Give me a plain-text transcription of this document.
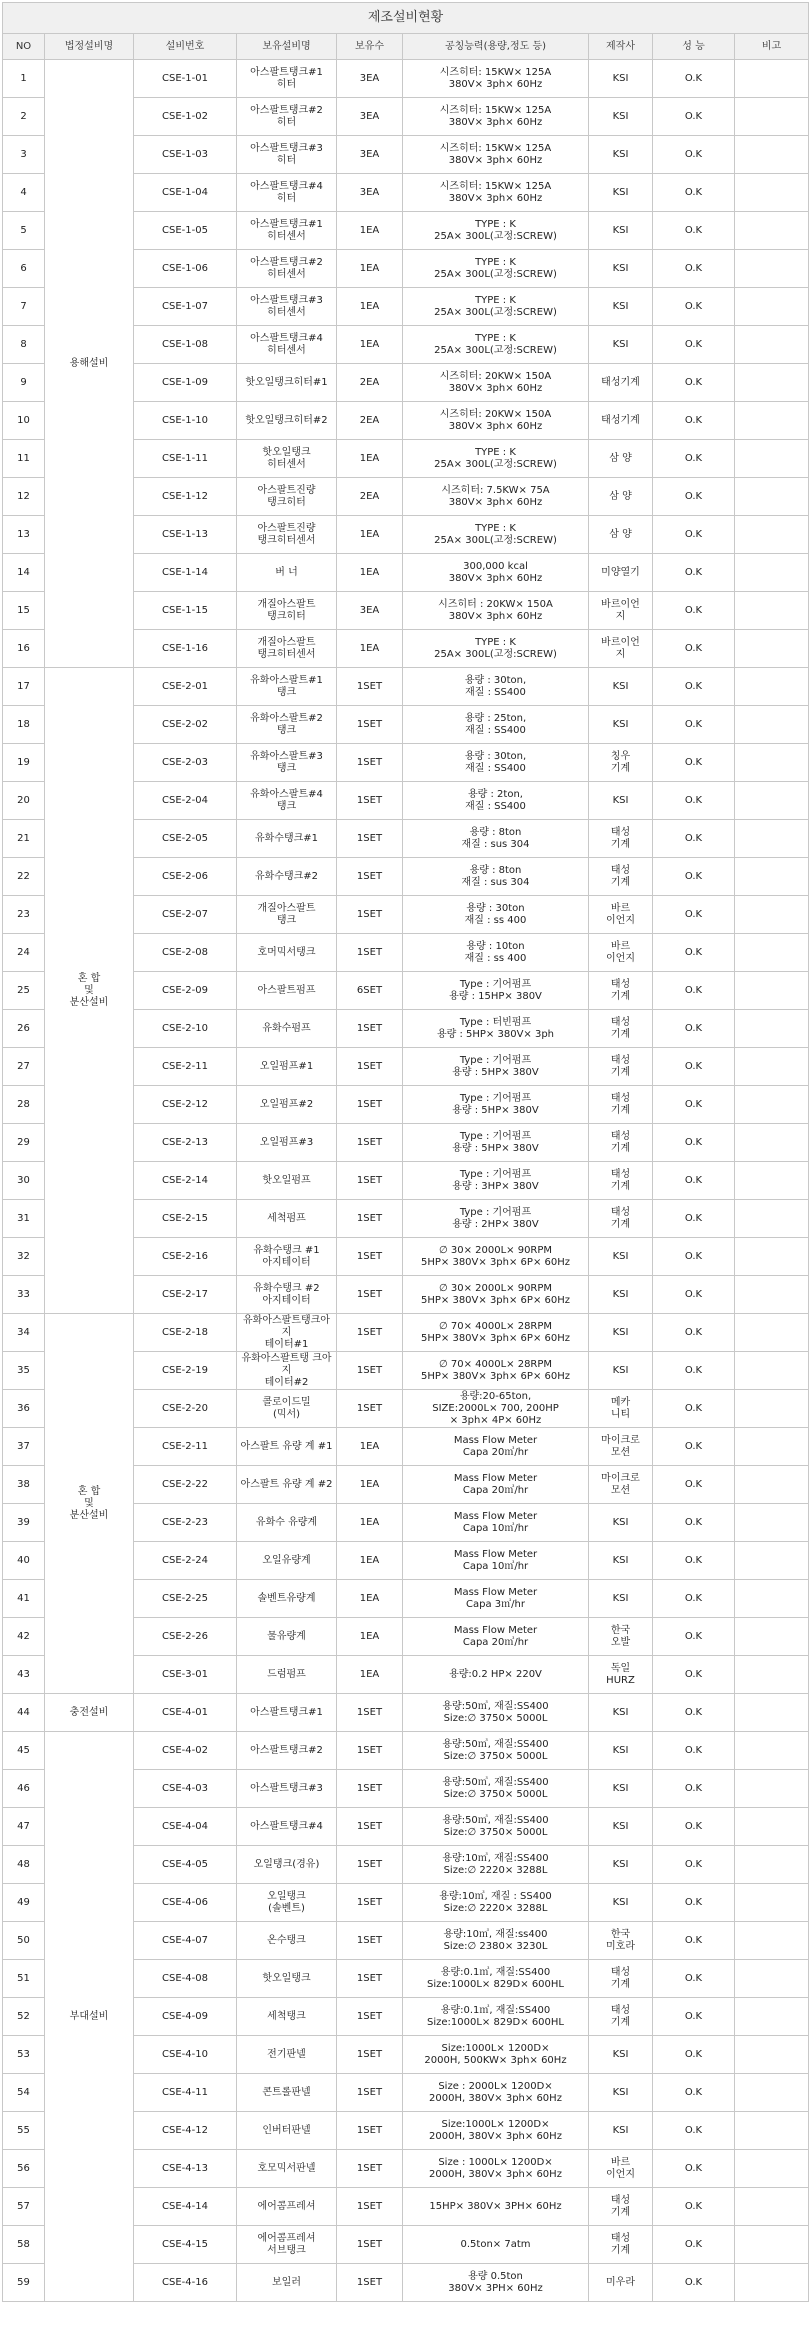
제조설비현황								
NO	법정설비명	설비번호	보유설비명	보유수	공칭능력(용량,정도 등)	제작사	성 능	비고
1	용해설비	CSE-1-01	아스팔트탱크#1
히터	3EA	시즈히터: 15KW× 125A
380V× 3ph× 60Hz	KSI	O.K	
2		CSE-1-02	아스팔트탱크#2
히터	3EA	시즈히터: 15KW× 125A
380V× 3ph× 60Hz	KSI	O.K	
3		CSE-1-03	아스팔트탱크#3
히터	3EA	시즈히터: 15KW× 125A
380V× 3ph× 60Hz	KSI	O.K	
4		CSE-1-04	아스팔트탱크#4
히터	3EA	시즈히터: 15KW× 125A
380V× 3ph× 60Hz	KSI	O.K	
5		CSE-1-05	아스팔트탱크#1
히터센서	1EA	TYPE : K
25A× 300L(고정:SCREW)	KSI	O.K	
6		CSE-1-06	아스팔트탱크#2
히터센서	1EA	TYPE : K
25A× 300L(고정:SCREW)	KSI	O.K	
7		CSE-1-07	아스팔트탱크#3
히터센서	1EA	TYPE : K
25A× 300L(고정:SCREW)	KSI	O.K	
8		CSE-1-08	아스팔트탱크#4
히터센서	1EA	TYPE : K
25A× 300L(고정:SCREW)	KSI	O.K	
9		CSE-1-09	핫오일탱크히터#1	2EA	시즈히터: 20KW× 150A
380V× 3ph× 60Hz	태성기계	O.K	
10		CSE-1-10	핫오일탱크히터#2	2EA	시즈히터: 20KW× 150A
380V× 3ph× 60Hz	태성기계	O.K	
11		CSE-1-11	핫오일탱크
히터센서	1EA	TYPE : K
25A× 300L(고정:SCREW)	삼 양	O.K	
12		CSE-1-12	아스팔트진량
탱크히터	2EA	시즈히터: 7.5KW× 75A
380V× 3ph× 60Hz	삼 양	O.K	
13		CSE-1-13	아스팔트진량
탱크히터센서	1EA	TYPE : K
25A× 300L(고정:SCREW)	삼 양	O.K	
14		CSE-1-14	버 너	1EA	300,000 kcal
380V× 3ph× 60Hz	미양열기	O.K	
15		CSE-1-15	개질아스팔트
탱크히터	3EA	시즈히터 : 20KW× 150A
380V× 3ph× 60Hz	바르이언
지	O.K	
16		CSE-1-16	개질아스팔트
탱크히터센서	1EA	TYPE : K
25A× 300L(고정:SCREW)	바르이언
지	O.K	
17	혼 합
및
분산설비	CSE-2-01	유화아스팔트#1
탱크	1SET	용량 : 30ton,
재질 : SS400	KSI	O.K	
18		CSE-2-02	유화아스팔트#2
탱크	1SET	용량 : 25ton,
재질 : SS400	KSI	O.K	
19		CSE-2-03	유화아스팔트#3
탱크	1SET	용량 : 30ton,
재질 : SS400	칭우
기계	O.K	
20		CSE-2-04	유화아스팔트#4
탱크	1SET	용량 : 2ton,
재질 : SS400	KSI	O.K	
21		CSE-2-05	유화수탱크#1	1SET	용량 : 8ton
재질 : sus 304	태성
기계	O.K	
22		CSE-2-06	유화수탱크#2	1SET	용량 : 8ton
재질 : sus 304	태성
기계	O.K	
23		CSE-2-07	개질아스팔트
탱크	1SET	용량 : 30ton
재질 : ss 400	바르
이언지	O.K	
24		CSE-2-08	호머믹서탱크	1SET	용량 : 10ton
재질 : ss 400	바르
이언지	O.K	
25		CSE-2-09	아스팔트펌프	6SET	Type : 기어펌프
용량 : 15HP× 380V	태성
기계	O.K	
26		CSE-2-10	유화수펌프	1SET	Type : 터빈펌프
용량 : 5HP× 380V× 3ph	태성
기계	O.K	
27		CSE-2-11	오일펌프#1	1SET	Type : 기어펌프
용량 : 5HP× 380V	태성
기계	O.K	
28		CSE-2-12	오일펌프#2	1SET	Type : 기어펌프
용량 : 5HP× 380V	태성
기계	O.K	
29		CSE-2-13	오일펌프#3	1SET	Type : 기어펌프
용량 : 5HP× 380V	태성
기계	O.K	
30		CSE-2-14	핫오일펌프	1SET	Type : 기어펌프
용량 : 3HP× 380V	태성
기계	O.K	
31		CSE-2-15	세척펌프	1SET	Type : 기어펌프
용량 : 2HP× 380V	태성
기계	O.K	
32		CSE-2-16	유화수탱크 #1
아지테이터	1SET	∅ 30× 2000L× 90RPM
5HP× 380V× 3ph× 6P× 60Hz	KSI	O.K	
33		CSE-2-17	유화수탱크 #2
아지테이터	1SET	∅ 30× 2000L× 90RPM
5HP× 380V× 3ph× 6P× 60Hz	KSI	O.K	
34	혼 합
및
분산설비	CSE-2-18	유화아스팔트탱크아지
테이터#1	1SET	∅ 70× 4000L× 28RPM
5HP× 380V× 3ph× 6P× 60Hz	KSI	O.K	
35		CSE-2-19	유화아스팔트탱 크아지
테이터#2	1SET	∅ 70× 4000L× 28RPM
5HP× 380V× 3ph× 6P× 60Hz	KSI	O.K	
36		CSE-2-20	콜로이드밀
(믹서)	1SET	용량:20-65ton,
SIZE:2000L× 700, 200HP
× 3ph× 4P× 60Hz	메카
니티	O.K	
37		CSE-2-11	아스팔트 유량 계 #1	1EA	Mass Flow Meter
Capa 20㎥/hr	마이크로
모션	O.K	
38		CSE-2-22	아스팔트 유량 계 #2	1EA	Mass Flow Meter
Capa 20㎥/hr	마이크로
모션	O.K	
39		CSE-2-23	유화수 유량계	1EA	Mass Flow Meter
Capa 10㎥/hr	KSI	O.K	
40		CSE-2-24	오일유량계	1EA	Mass Flow Meter
Capa 10㎥/hr	KSI	O.K	
41		CSE-2-25	솔벤트유량계	1EA	Mass Flow Meter
Capa 3㎥/hr	KSI	O.K	
42		CSE-2-26	물유량계	1EA	Mass Flow Meter
Capa 20㎥/hr	한국
오발	O.K	
43		CSE-3-01	드럼펌프	1EA	용량:0.2 HP× 220V	독일
HURZ	O.K	
44	충전설비	CSE-4-01	아스팔트탱크#1	1SET	용량:50㎥, 재질:SS400
Size:∅ 3750× 5000L	KSI	O.K	
45	부대설비	CSE-4-02	아스팔트탱크#2	1SET	용량:50㎥, 재질:SS400
Size:∅ 3750× 5000L	KSI	O.K	
46		CSE-4-03	아스팔트탱크#3	1SET	용량:50㎥, 재질:SS400
Size:∅ 3750× 5000L	KSI	O.K	
47		CSE-4-04	아스팔트탱크#4	1SET	용량:50㎥, 재질:SS400
Size:∅ 3750× 5000L	KSI	O.K	
48		CSE-4-05	오일탱크(경유)	1SET	용량:10㎥, 재질:SS400
Size:∅ 2220× 3288L	KSI	O.K	
49		CSE-4-06	오일탱크
(솔벤트)	1SET	용량:10㎥, 재질 : SS400
Size:∅ 2220× 3288L	KSI	O.K	
50		CSE-4-07	온수탱크	1SET	용량:10㎥, 재질:ss400
Size:∅ 2380× 3230L	한국
미호라	O.K	
51		CSE-4-08	핫오일탱크	1SET	용량:0.1㎥, 재질:SS400
Size:1000L× 829D× 600HL	태성
기계	O.K	
52		CSE-4-09	세척탱크	1SET	용량:0.1㎥, 재질:SS400
Size:1000L× 829D× 600HL	태성
기계	O.K	
53		CSE-4-10	전기판넬	1SET	Size:1000L× 1200D×
2000H, 500KW× 3ph× 60Hz	KSI	O.K	
54		CSE-4-11	콘트롤판넬	1SET	Size : 2000L× 1200D×
2000H, 380V× 3ph× 60Hz	KSI	O.K	
55		CSE-4-12	인버터판넬	1SET	Size:1000L× 1200D×
2000H, 380V× 3ph× 60Hz	KSI	O.K	
56		CSE-4-13	호모믹서판넬	1SET	Size : 1000L× 1200D×
2000H, 380V× 3ph× 60Hz	바르
이언지	O.K	
57		CSE-4-14	에어콤프레셔	1SET	15HP× 380V× 3PH× 60Hz	태성
기계	O.K	
58		CSE-4-15	에어콤프레셔
서브탱크	1SET	0.5ton× 7atm	태성
기계	O.K	
59		CSE-4-16	보일러	1SET	용량 0.5ton
380V× 3PH× 60Hz	미우라	O.K	
